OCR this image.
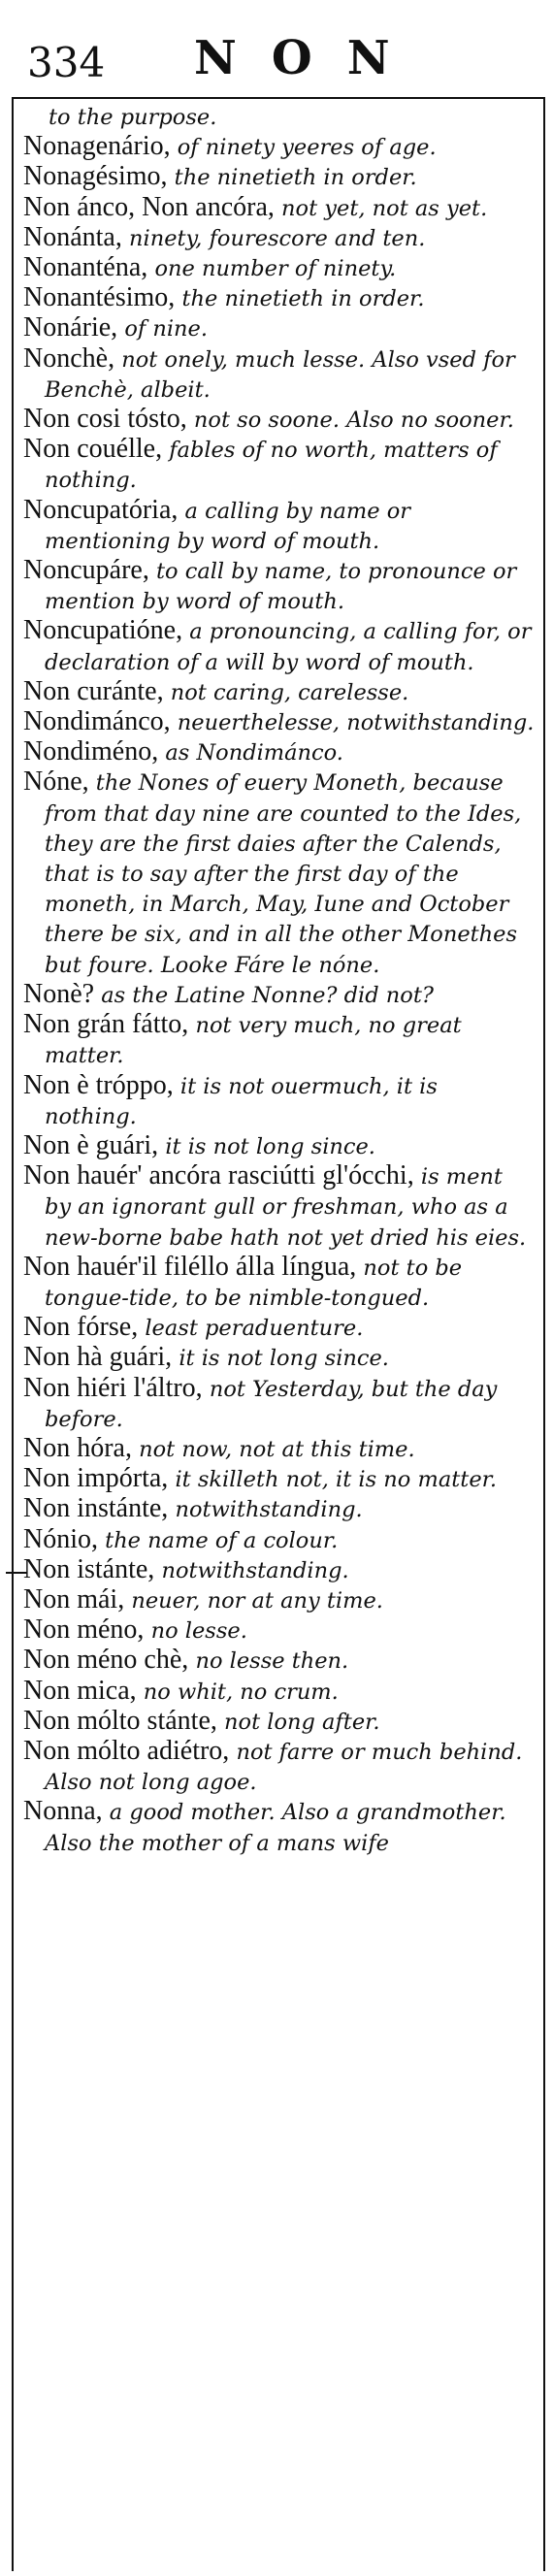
334 NON
to the purpose.

Nonagenário, of ninety yeeres of age.

Nonagésimo, the ninetieth in order.

Non ánco, Non ancóra, not yet, not as yet.

Nonánta, ninety, fourescore and ten.

Nonanténa, one number of ninety.

Nonantésimo, the ninetieth in order.

Nonárie, of nine.

Nonchè, not onely, much lesse. Also vsed for Benchè, albeit.

Non cosi tósto, not so soone. Also no sooner.

Non couélle, fables of no worth, matters of nothing.

Noncupatória, a calling by name or mentioning by word of mouth.

Noncupáre, to call by name, to pronounce or mention by word of mouth.

Noncupatióne, a pronouncing, a calling for, or declaration of a will by word of mouth.

Non curánte, not caring, carelesse.

Nondimánco, neuerthelesse, notwithstanding.

Nondiméno, as Nondimánco.

Nóne, the Nones of euery Moneth, because from that day nine are counted to the Ides, they are the first daies after the Calends, that is to say after the first day of the moneth, in March, May, Iune and October there be six, and in all the other Monethes but foure. Looke Fáre le nóne.

Nonè? as the Latine Nonne? did not?

Non grán fátto, not very much, no great matter.

Non è tróppo, it is not ouermuch, it is nothing.

Non è guári, it is not long since.

Non hauér' ancóra rasciútti gl'ócchi, is ment by an ignorant gull or freshman, who as a new-borne babe hath not yet dried his eies.

Non hauér'il filéllo álla língua, not to be tongue-tide, to be nimble-tongued.

Non fórse, least peraduenture.

Non hà guári, it is not long since.

Non hiéri l'áltro, not Yesterday, but the day before.

Non hóra, not now, not at this time.

Non impórta, it skilleth not, it is no matter.

Non instánte, notwithstanding.

Nónio, the name of a colour.

Non istánte, notwithstanding.

Non mái, neuer, nor at any time.

Non méno, no lesse.

Non méno chè, no lesse then.

Non mica, no whit, no crum.

Non mólto stánte, not long after.

Non mólto adiétro, not farre or much behind. Also not long agoe.

Nonna, a good mother. Also a grandmother. Also the mother of a mans wife
